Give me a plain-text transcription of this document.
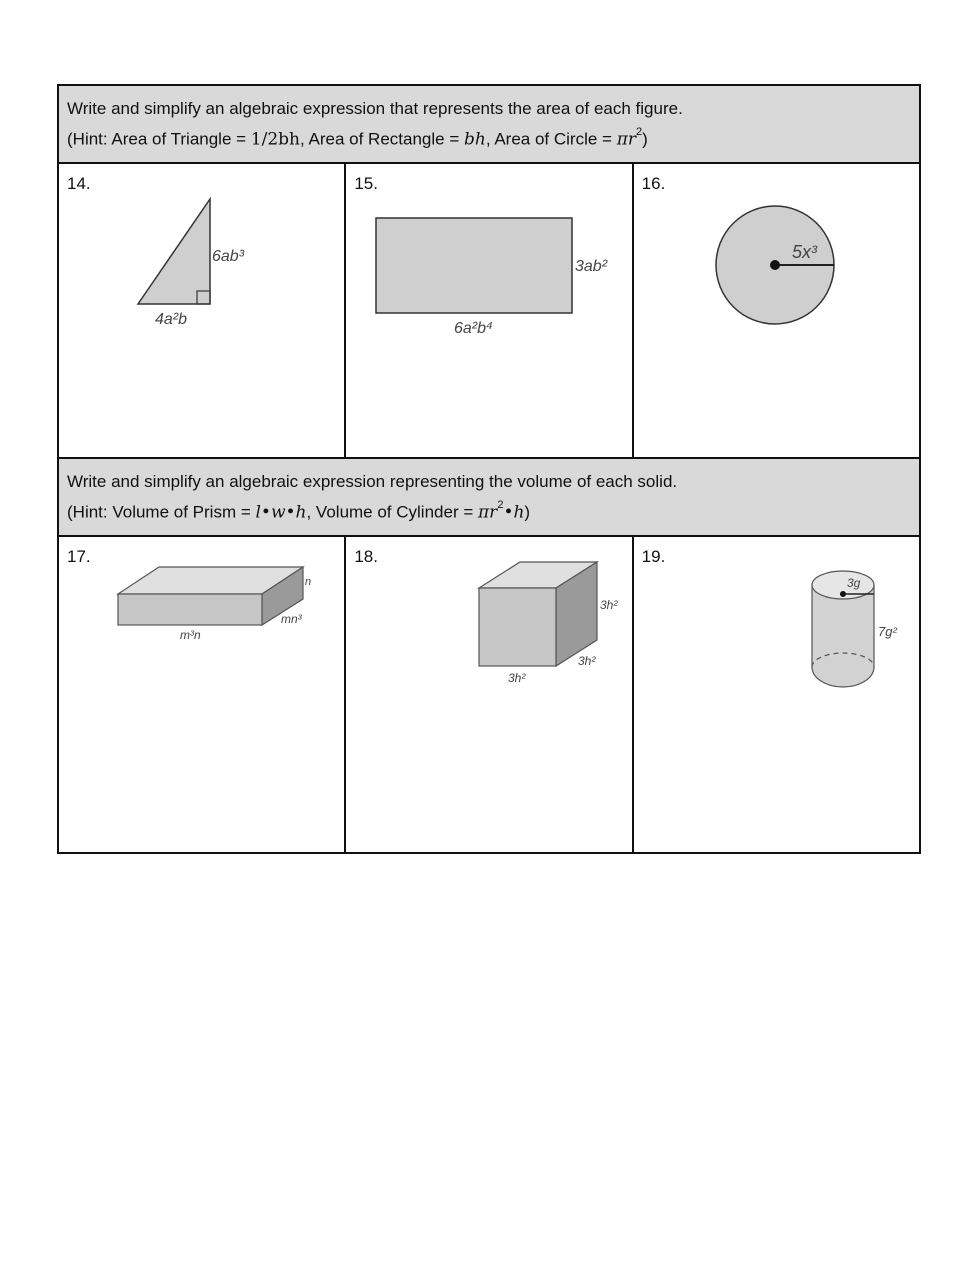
Write and simplify an algebraic expression that represents the area of each figure.
(Hint: Area of Triangle = 1/2bh, Area of Rectangle = bh, Area of Circle = $\pi r^2$)		

14.
6ab³
4a²b	15.
3ab²
6a²b⁴	16.
5x³

Write and simplify an algebraic expression representing the volume of each solid.
(Hint: Volume of Prism = l•w•h, Volume of Cylinder = $\pi r^2•h$)		

17.
n
mn³
m³n	18.
3h²
3h²
3h²	19.
3g
7g²
